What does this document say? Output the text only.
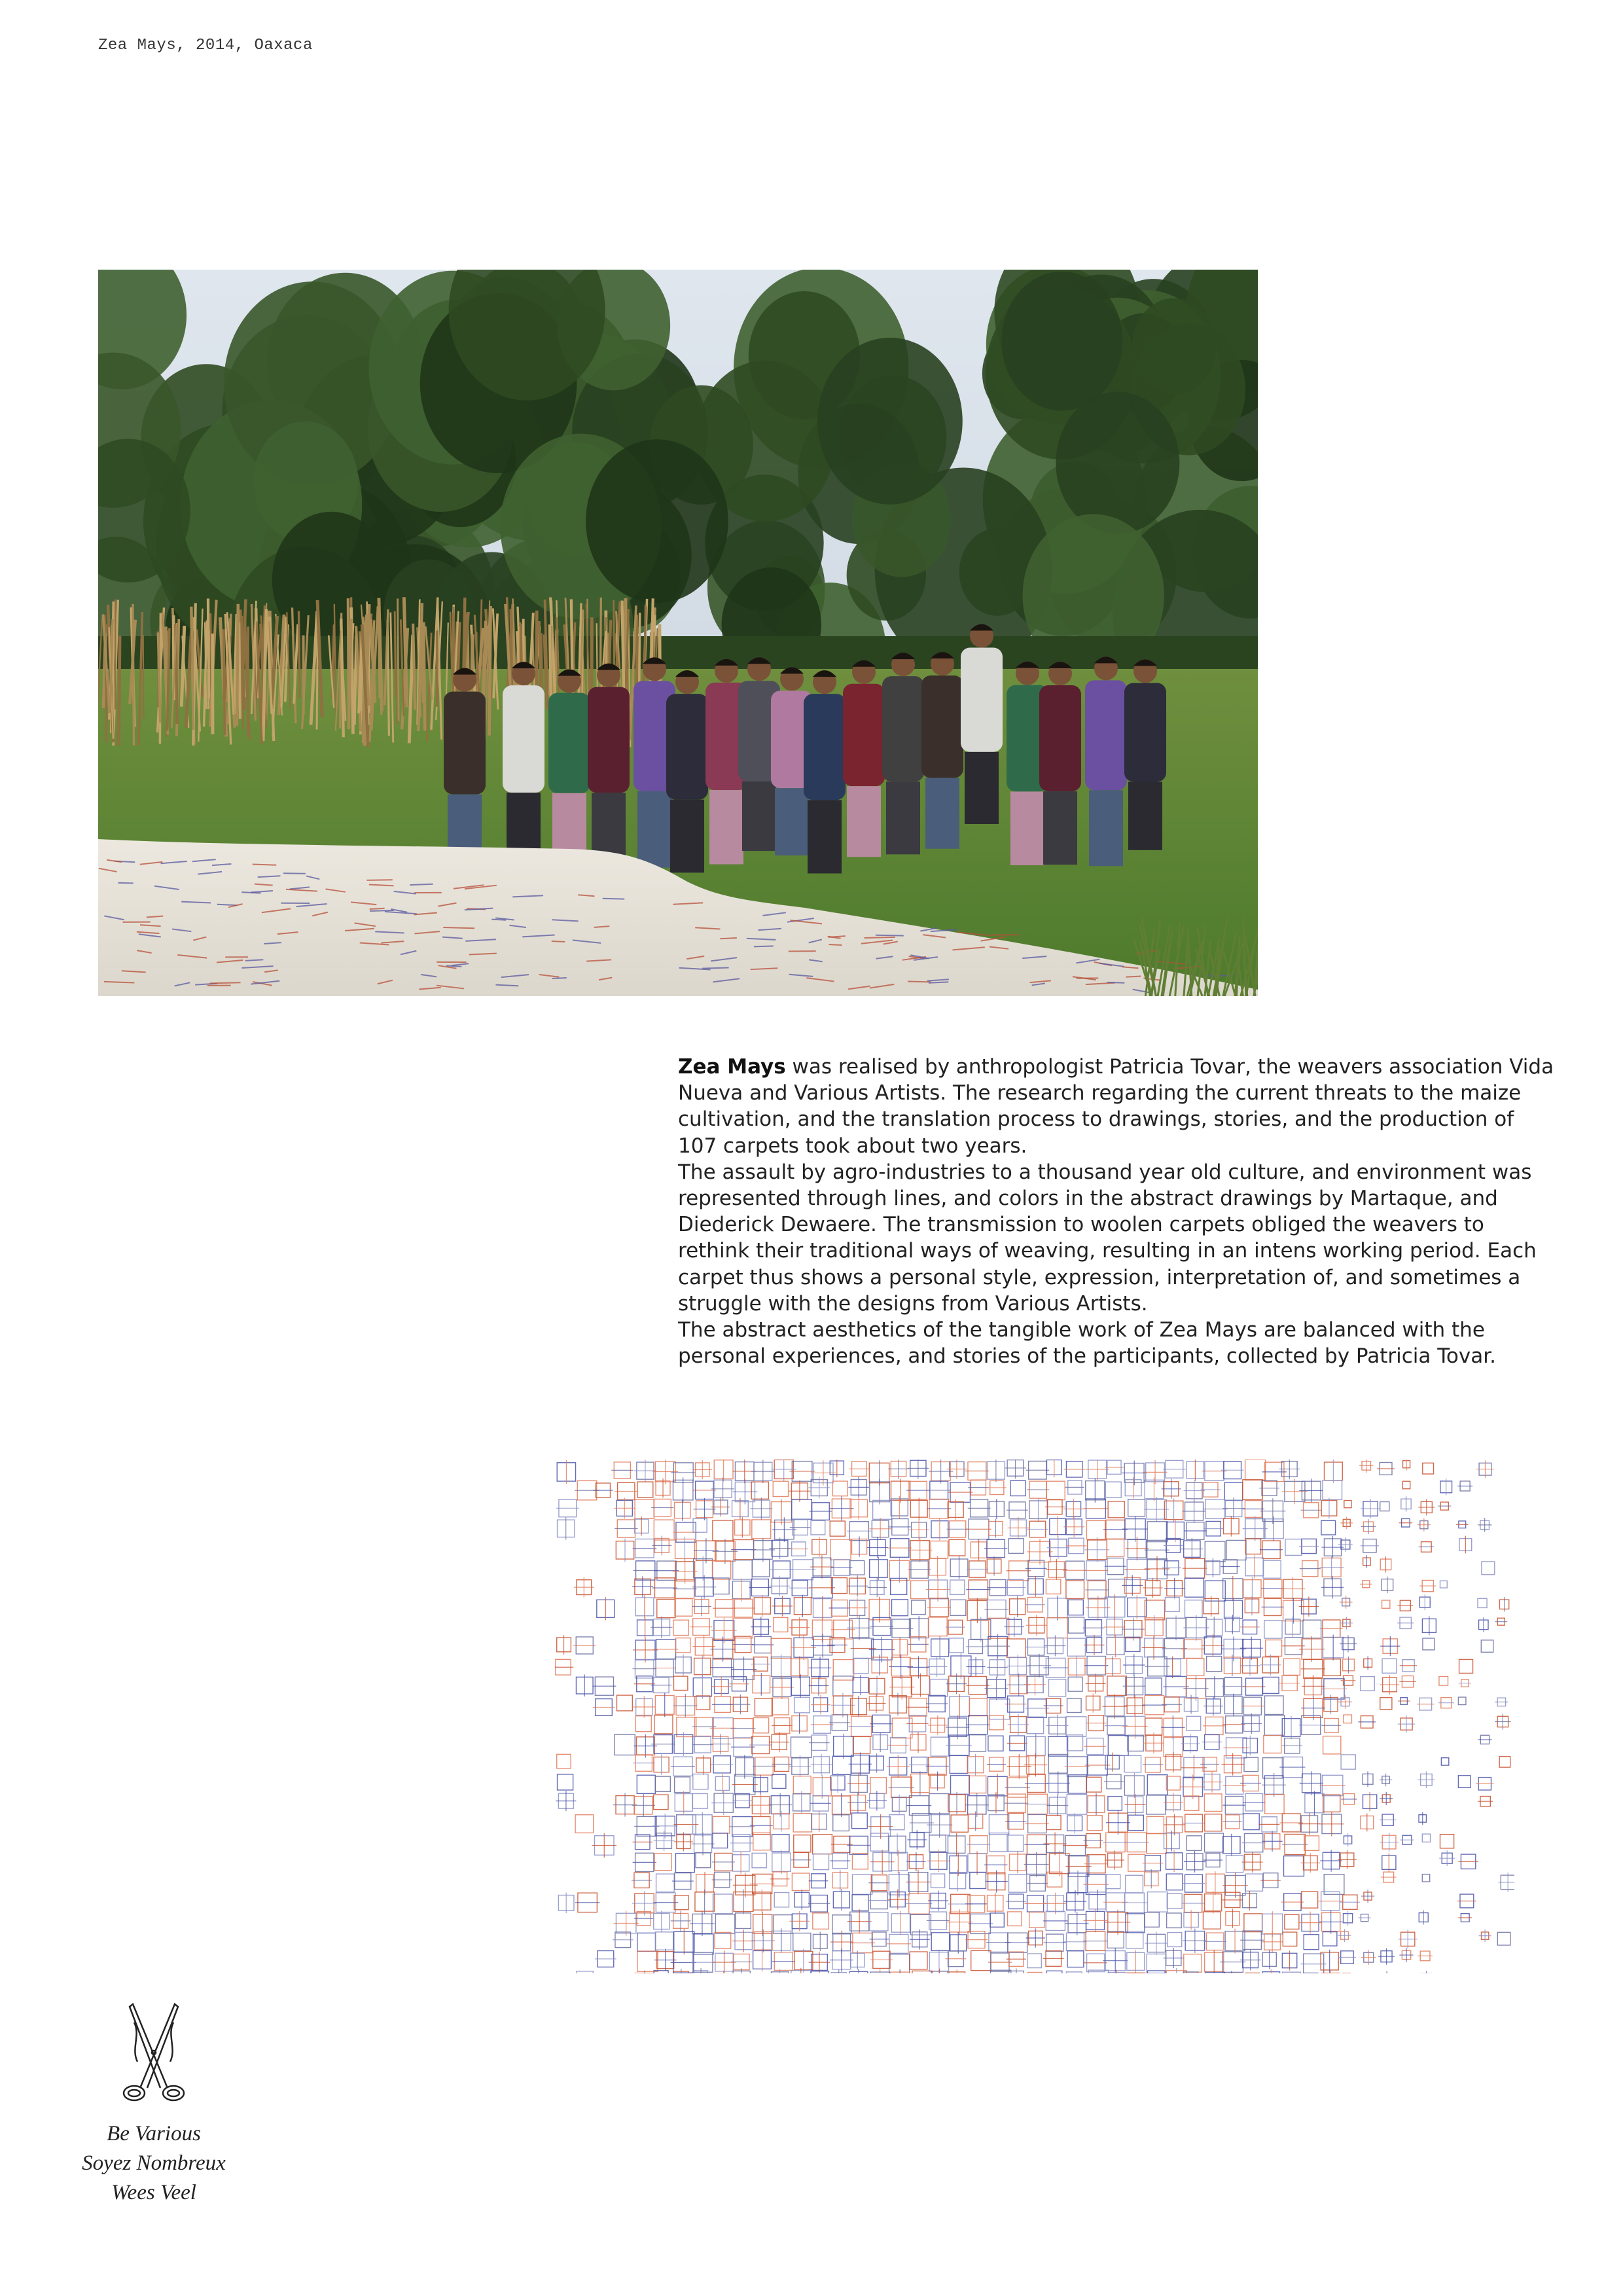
Zea Mays, 2014, Oaxaca

Zea Mays was realised by anthropologist Patricia Tovar, the weavers association Vida Nueva and Various Artists. The research regarding the current threats to the maize cultivation, and the translation process to drawings, stories, and the production of 107 carpets took about two years.

The assault by agro-industries to a thousand year old culture, and environment was represented through lines, and colors in the abstract drawings by Martaque, and Diederick Dewaere. The transmission to woolen carpets obliged the weavers to rethink their traditional ways of weaving, resulting in an intens working period. Each carpet thus shows a personal style, expression, interpretation of, and sometimes a struggle with the designs from Various Artists.

The abstract aesthetics of the tangible work of Zea Mays are balanced with the personal experiences, and stories of the participants, collected by Patricia Tovar.

Be Various
Soyez Nombreux
Wees Veel
